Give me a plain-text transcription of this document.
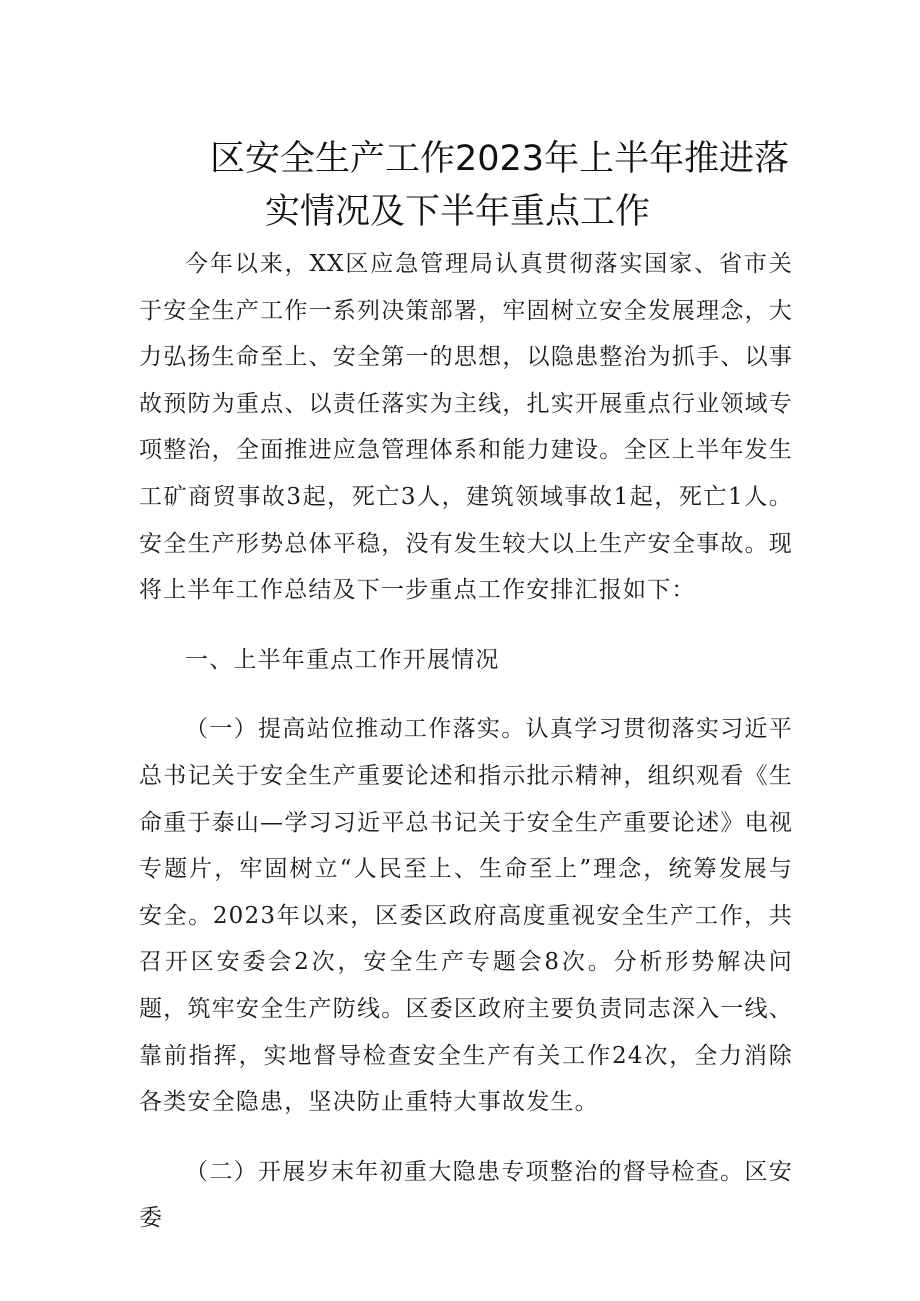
区安全生产工作2023年上半年推进落
实情况及下半年重点工作

今年以来，XX区应急管理局认真贯彻落实国家、省市关于安全生产工作一系列决策部署，牢固树立安全发展理念，大力弘扬生命至上、安全第一的思想，以隐患整治为抓手、以事故预防为重点、以责任落实为主线，扎实开展重点行业领域专项整治，全面推进应急管理体系和能力建设。全区上半年发生工矿商贸事故3起，死亡3人，建筑领域事故1起，死亡1人。安全生产形势总体平稳，没有发生较大以上生产安全事故。现将上半年工作总结及下一步重点工作安排汇报如下：

一、上半年重点工作开展情况

（一）提高站位推动工作落实。认真学习贯彻落实习近平总书记关于安全生产重要论述和指示批示精神，组织观看《生命重于泰山—学习习近平总书记关于安全生产重要论述》电视专题片，牢固树立“人民至上、生命至上”理念，统筹发展与安全。2023年以来，区委区政府高度重视安全生产工作，共召开区安委会2次，安全生产专题会8次。分析形势解决问题，筑牢安全生产防线。区委区政府主要负责同志深入一线、靠前指挥，实地督导检查安全生产有关工作24次，全力消除各类安全隐患，坚决防止重特大事故发生。

（二）开展岁末年初重大隐患专项整治的督导检查。区安委
